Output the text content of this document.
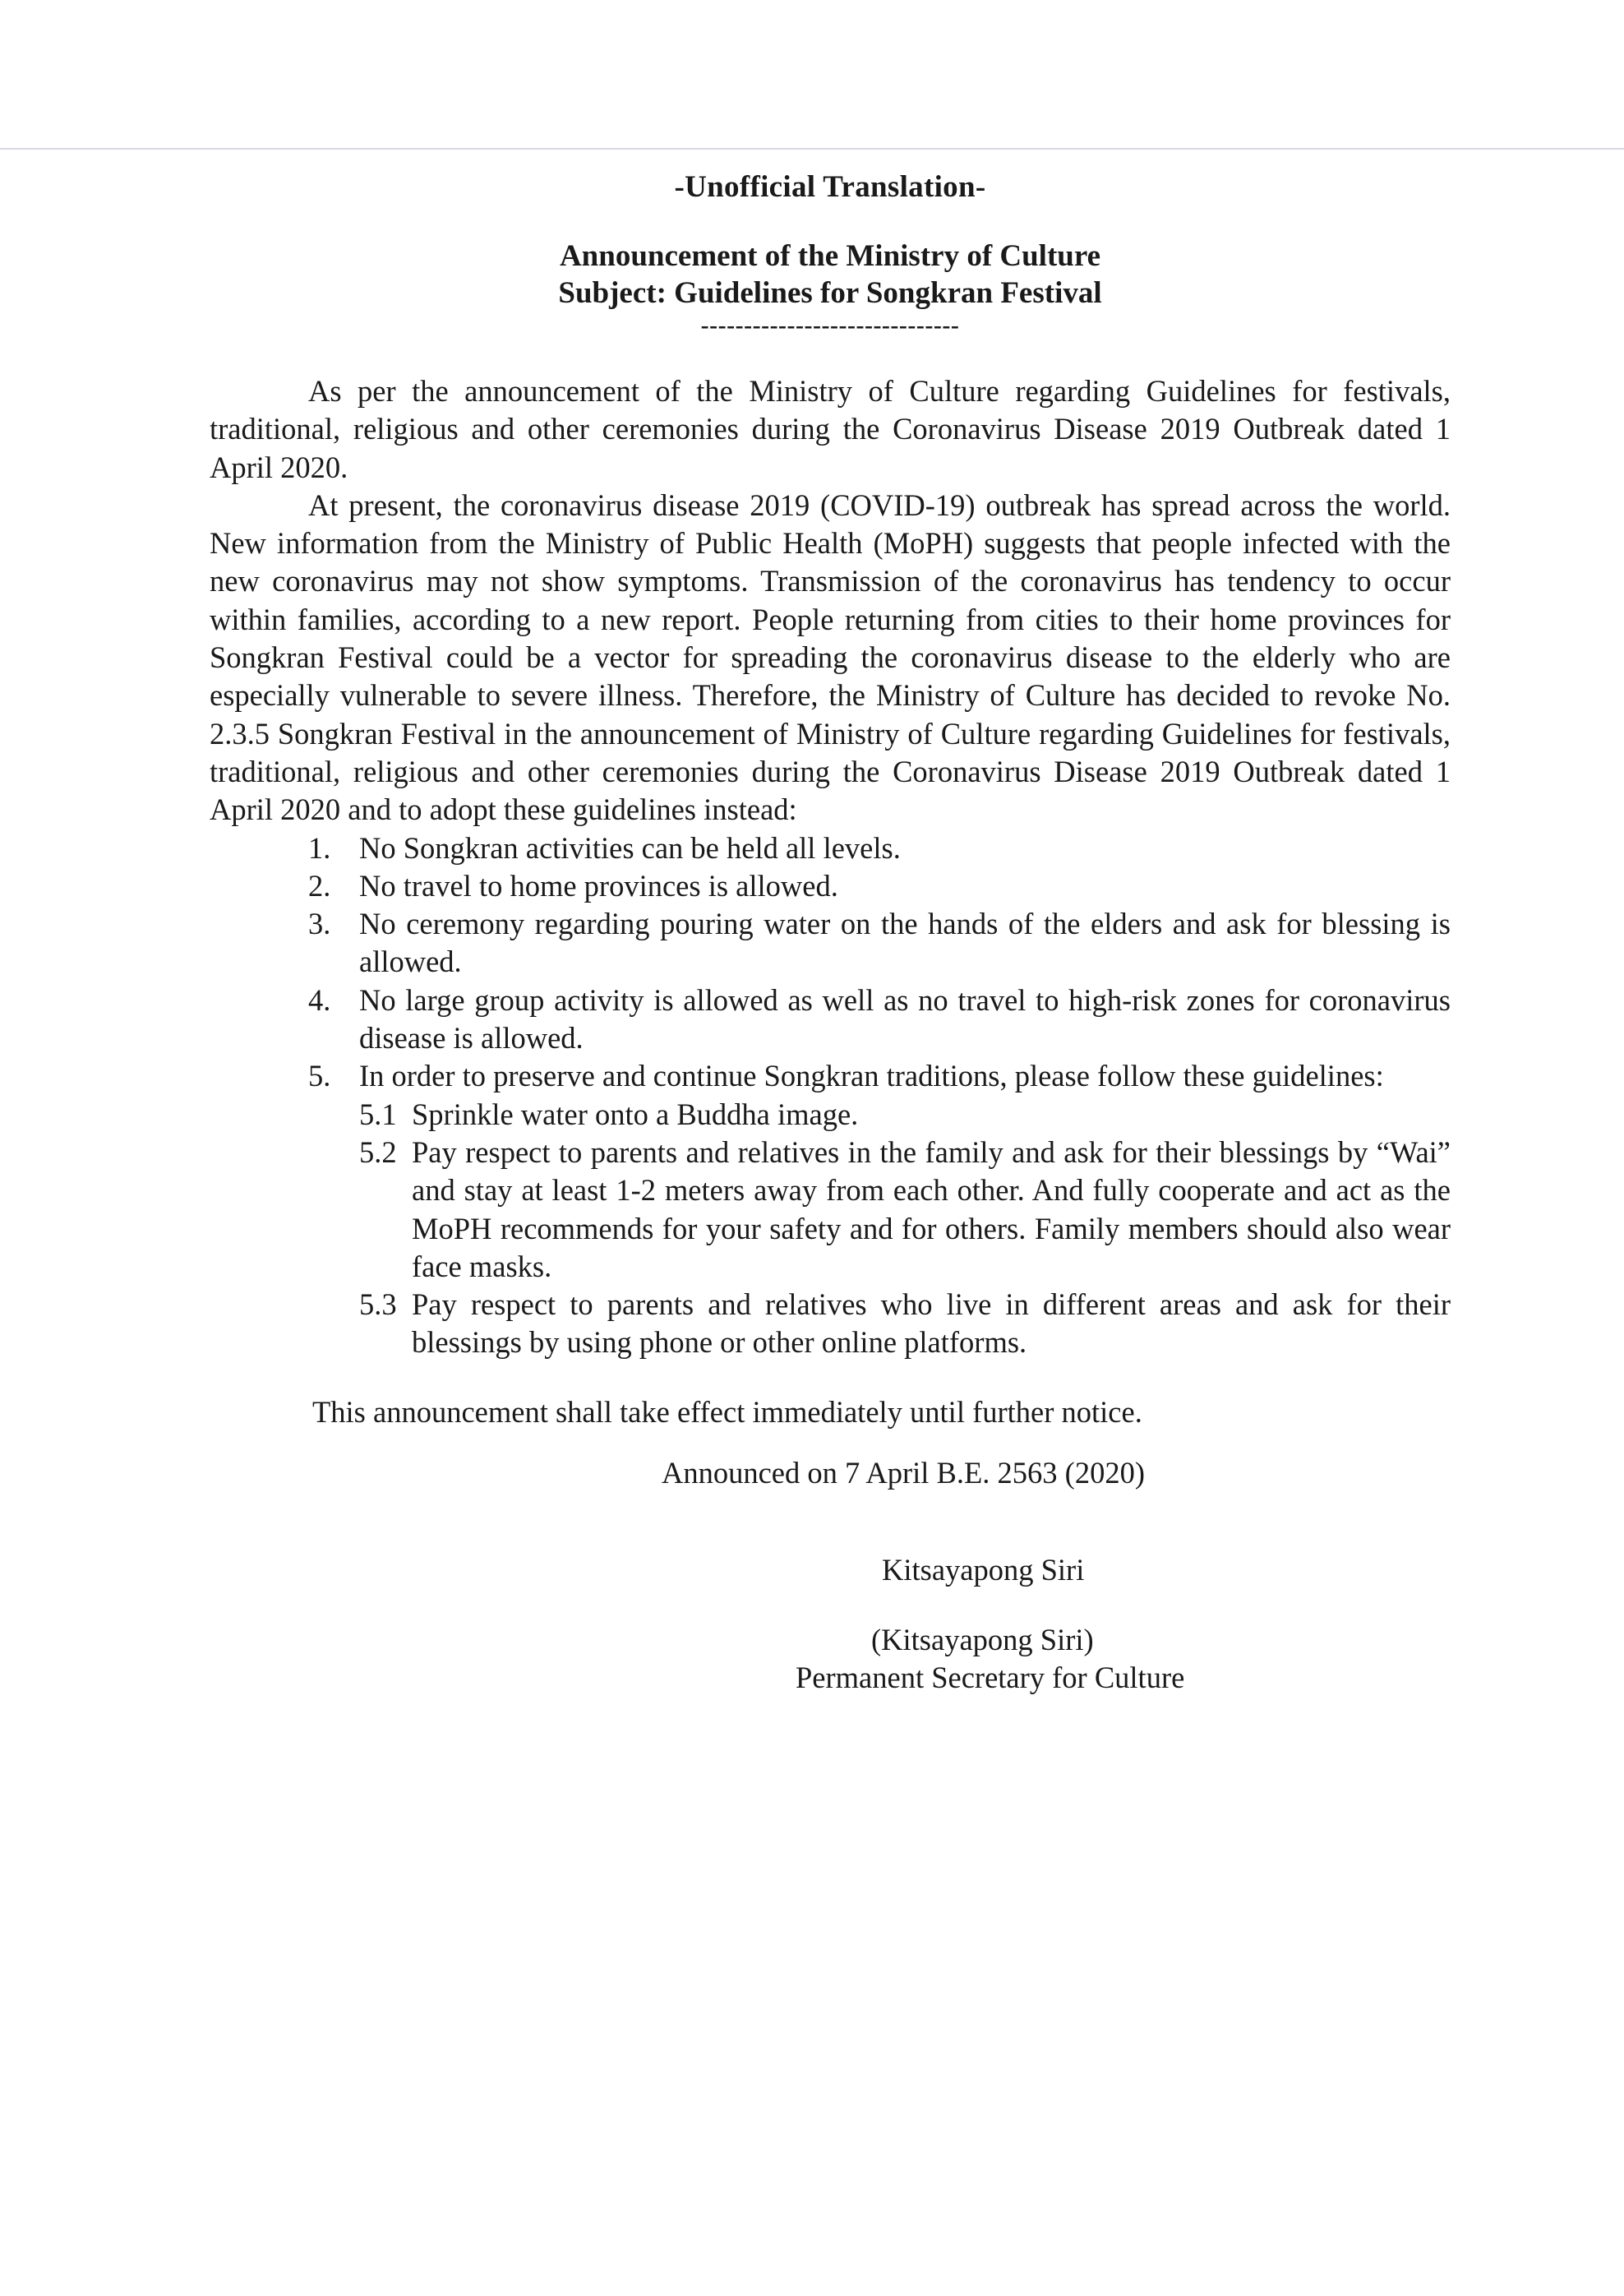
-Unofficial Translation-
Announcement of the Ministry of Culture
Subject: Guidelines for Songkran Festival
------------------------------

As per the announcement of the Ministry of Culture regarding Guidelines for festivals, traditional, religious and other ceremonies during the Coronavirus Disease 2019 Outbreak dated 1 April 2020.

At present, the coronavirus disease 2019 (COVID-19) outbreak has spread across the world. New information from the Ministry of Public Health (MoPH) suggests that people infected with the new coronavirus may not show symptoms. Transmission of the coronavirus has tendency to occur within families, according to a new report. People returning from cities to their home provinces for Songkran Festival could be a vector for spreading the coronavirus disease to the elderly who are especially vulnerable to severe illness. Therefore, the Ministry of Culture has decided to revoke No. 2.3.5 Songkran Festival in the announcement of Ministry of Culture regarding Guidelines for festivals, traditional, religious and other ceremonies during the Coronavirus Disease 2019 Outbreak dated 1 April 2020 and to adopt these guidelines instead:

1. No Songkran activities can be held all levels.
2. No travel to home provinces is allowed.
3. No ceremony regarding pouring water on the hands of the elders and ask for blessing is allowed.
4. No large group activity is allowed as well as no travel to high-risk zones for coronavirus disease is allowed.
5. In order to preserve and continue Songkran traditions, please follow these guidelines:
5.1 Sprinkle water onto a Buddha image.
5.2 Pay respect to parents and relatives in the family and ask for their blessings by “Wai” and stay at least 1-2 meters away from each other. And fully cooperate and act as the MoPH recommends for your safety and for others. Family members should also wear face masks.
5.3 Pay respect to parents and relatives who live in different areas and ask for their blessings by using phone or other online platforms.

This announcement shall take effect immediately until further notice.

Announced on 7 April B.E. 2563 (2020)

Kitsayapong Siri

(Kitsayapong Siri)

Permanent Secretary for Culture
